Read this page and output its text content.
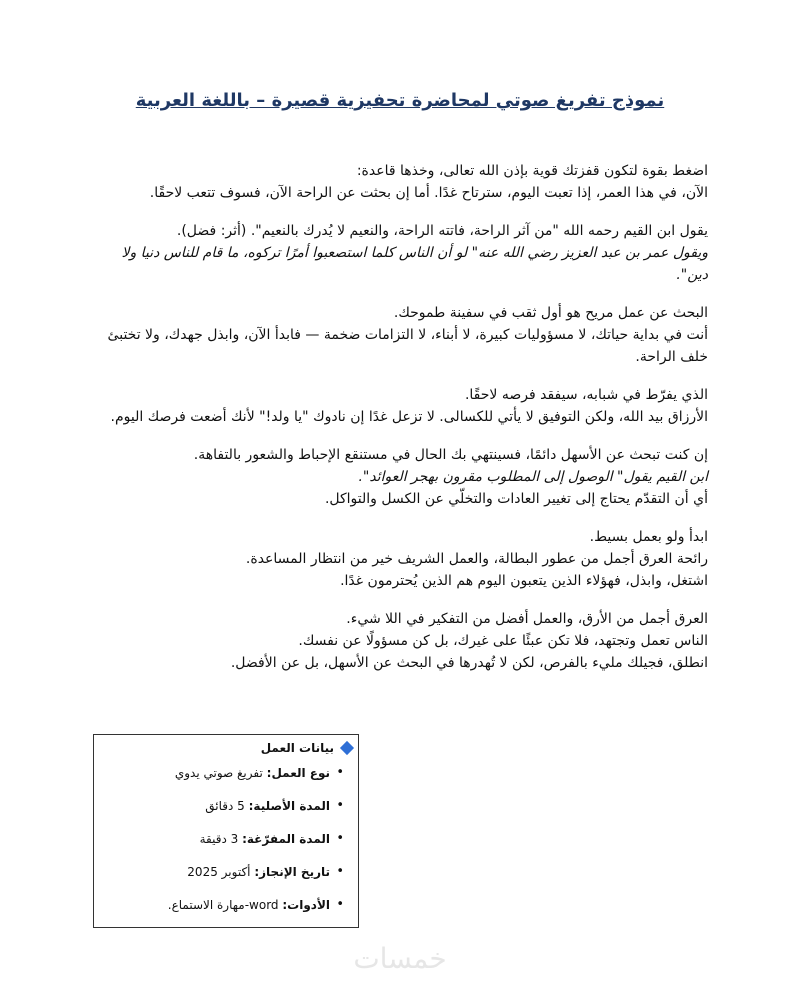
نموذج تفريغ صوتي لمحاضرة تحفيزية قصيرة – باللغة العربية

اضغط بقوة لتكون قفزتك قوية بإذن الله تعالى، وخذها قاعدة:
الآن، في هذا العمر، إذا تعبت اليوم، سترتاح غدًا. أما إن بحثت عن الراحة الآن، فسوف تتعب لاحقًا.

يقول ابن القيم رحمه الله "من آثر الراحة، فاتته الراحة، والنعيم لا يُدرك بالنعيم". (أثر: فضل).
ويقول عمر بن عبد العزيز رضي الله عنه" لو أن الناس كلما استصعبوا أمرًا تركوه، ما قام للناس دنيا ولا دين".

البحث عن عمل مريح هو أول ثقب في سفينة طموحك.
أنت في بداية حياتك، لا مسؤوليات كبيرة، لا أبناء، لا التزامات ضخمة — فابدأ الآن، وابذل جهدك، ولا تختبئ خلف الراحة.

الذي يفرّط في شبابه، سيفقد فرصه لاحقًا.
الأرزاق بيد الله، ولكن التوفيق لا يأتي للكسالى. لا تزعل غدًا إن نادوك "يا ولد!" لأنك أضعت فرصك اليوم.

إن كنت تبحث عن الأسهل دائمًا، فسينتهي بك الحال في مستنقع الإحباط والشعور بالتفاهة.
ابن القيم يقول" الوصول إلى المطلوب مقرون بهجر العوائد".
أي أن التقدّم يحتاج إلى تغيير العادات والتخلّي عن الكسل والتواكل.

ابدأ ولو بعمل بسيط.
رائحة العرق أجمل من عطور البطالة، والعمل الشريف خير من انتظار المساعدة.
اشتغل، وابذل، فهؤلاء الذين يتعبون اليوم هم الذين يُحترمون غدًا.

العرق أجمل من الأرق، والعمل أفضل من التفكير في اللا شيء.
الناس تعمل وتجتهد، فلا تكن عبئًا على غيرك، بل كن مسؤولًا عن نفسك.
انطلق، فجيلك مليء بالفرص، لكن لا تُهدرها في البحث عن الأسهل، بل عن الأفضل.

بيانات العمل
• نوع العمل: تفريغ صوتي يدوي
• المدة الأصلية: 5 دقائق
• المدة المفرّغة: 3 دقيقة
• تاريخ الإنجاز: أكتوبر 2025
• الأدوات: word-مهارة الاستماع.
خمسات
